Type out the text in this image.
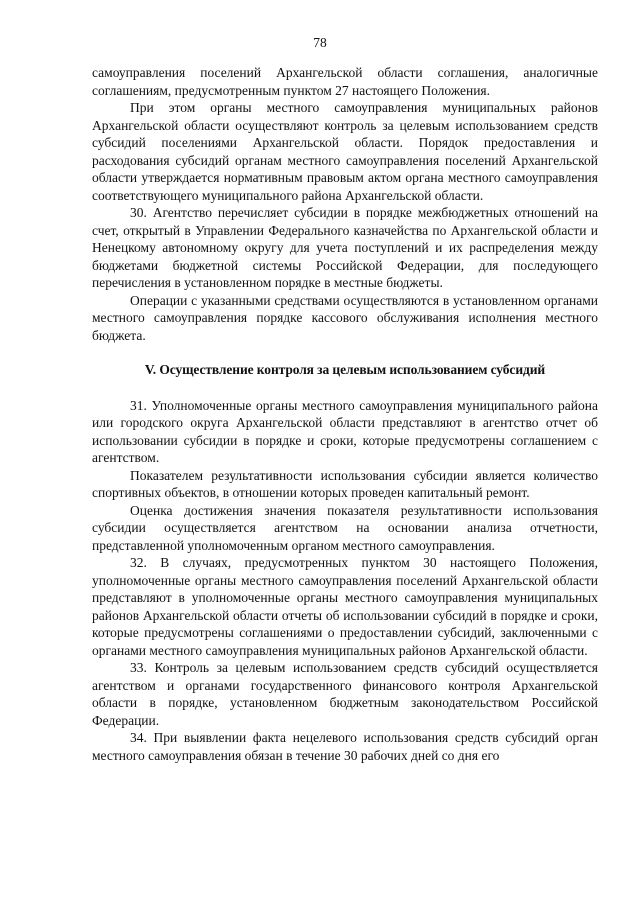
78

самоуправления поселений Архангельской области соглашения, аналогичные соглашениям, предусмотренным пунктом 27 настоящего Положения.

При этом органы местного самоуправления муниципальных районов Архангельской области осуществляют контроль за целевым использованием средств субсидий поселениями Архангельской области. Порядок предоставления и расходования субсидий органам местного самоуправления поселений Архангельской области утверждается нормативным правовым актом органа местного самоуправления соответствующего муниципального района Архангельской области.

30. Агентство перечисляет субсидии в порядке межбюджетных отношений на счет, открытый в Управлении Федерального казначейства по Архангельской области и Ненецкому автономному округу для учета поступлений и их распределения между бюджетами бюджетной системы Российской Федерации, для последующего перечисления в установленном порядке в местные бюджеты.

Операции с указанными средствами осуществляются в установленном органами местного самоуправления порядке кассового обслуживания исполнения местного бюджета.

V. Осуществление контроля за целевым использованием субсидий

31. Уполномоченные органы местного самоуправления муниципального района или городского округа Архангельской области представляют в агентство отчет об использовании субсидии в порядке и сроки, которые предусмотрены соглашением с агентством.

Показателем результативности использования субсидии является количество спортивных объектов, в отношении которых проведен капитальный ремонт.

Оценка достижения значения показателя результативности использования субсидии осуществляется агентством на основании анализа отчетности, представленной уполномоченным органом местного самоуправления.

32. В случаях, предусмотренных пунктом 30 настоящего Положения, уполномоченные органы местного самоуправления поселений Архангельской области представляют в уполномоченные органы местного самоуправления муниципальных районов Архангельской области отчеты об использовании субсидий в порядке и сроки, которые предусмотрены соглашениями о предоставлении субсидий, заключенными с органами местного самоуправления муниципальных районов Архангельской области.

33. Контроль за целевым использованием средств субсидий осуществляется агентством и органами государственного финансового контроля Архангельской области в порядке, установленном бюджетным законодательством Российской Федерации.

34. При выявлении факта нецелевого использования средств субсидий орган местного самоуправления обязан в течение 30 рабочих дней со дня его
